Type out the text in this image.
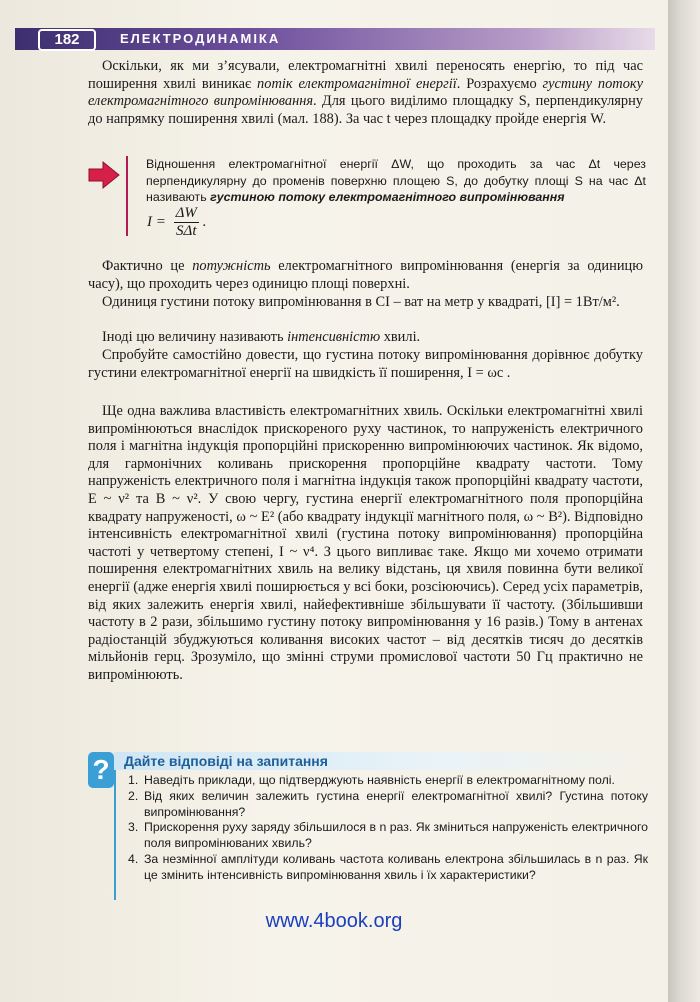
182	ЕЛЕКТРОДИНАМІКА
Оскільки, як ми з’ясували, електромагнітні хвилі переносять енергію, то під час поширення хвилі виникає потік електромагнітної енергії. Розрахуємо густину потоку електромагнітного випромінювання. Для цього виділимо площадку S, перпендикулярну до напрямку поширення хвилі (мал. 188). За час t через площадку пройде енергія W.
Відношення електромагнітної енергії ΔW, що проходить за час Δt через перпендикулярну до променів поверхню площею S, до добутку площі S на час Δt називають густиною потоку електромагнітного випромінювання
$I = \frac{\Delta W}{\text{SΔt}}$ .
Фактично це потужність електромагнітного випромінювання (енергія за одиницю часу), що проходить через одиницю площі поверхні.
Одиниця густини потоку випромінювання в СІ – ват на метр у квадраті, [I] = 1Вт/м².
Іноді цю величину називають інтенсивністю хвилі.
Спробуйте самостійно довести, що густина потоку випромінювання дорівнює добутку густини електромагнітної енергії на швидкість її поширення, I = ωc .
Ще одна важлива властивість електромагнітних хвиль. Оскільки електромагнітні хвилі випромінюються внаслідок прискореного руху частинок, то напруженість електричного поля і магнітна індукція пропорційні прискоренню випромінюючих частинок. Як відомо, для гармонічних коливань прискорення пропорційне квадрату частоти. Тому напруженість електричного поля і магнітна індукція також пропорційні квадрату частоти, E ~ ν² та B ~ ν². У свою чергу, густина енергії електромагнітного поля пропорційна квадрату напруженості, ω ~ E² (або квадрату індукції магнітного поля, ω ~ B²). Відповідно інтенсивність електромагнітної хвилі (густина потоку випромінювання) пропорційна частоті у четвертому степені, I ~ ν⁴. З цього випливає таке. Якщо ми хочемо отримати поширення електромагнітних хвиль на велику відстань, ця хвиля повинна бути великої енергії (адже енергія хвилі поширюється у всі боки, розсіюючись). Серед усіх параметрів, від яких залежить енергія хвилі, найефективніше збільшувати її частоту. (Збільшивши частоту в 2 рази, збільшимо густину потоку випромінювання у 16 разів.) Тому в антенах радіостанцій збуджуються коливання високих частот – від десятків тисяч до десятків мільйонів герц. Зрозуміло, що змінні струми промислової частоти 50 Гц практично не випромінюють.
?	Дайте відповіді на запитання
1. Наведіть приклади, що підтверджують наявність енергії в електромагнітному полі.
2. Від яких величин залежить густина енергії електромагнітної хвилі? Густина потоку випромінювання?
3. Прискорення руху заряду збільшилося в n раз. Як зміниться напруженість електричного поля випромінюваних хвиль?
4. За незмінної амплітуди коливань частота коливань електрона збільшилась в n раз. Як це змінить інтенсивність випромінювання хвиль і їх характеристики?
www.4book.org
